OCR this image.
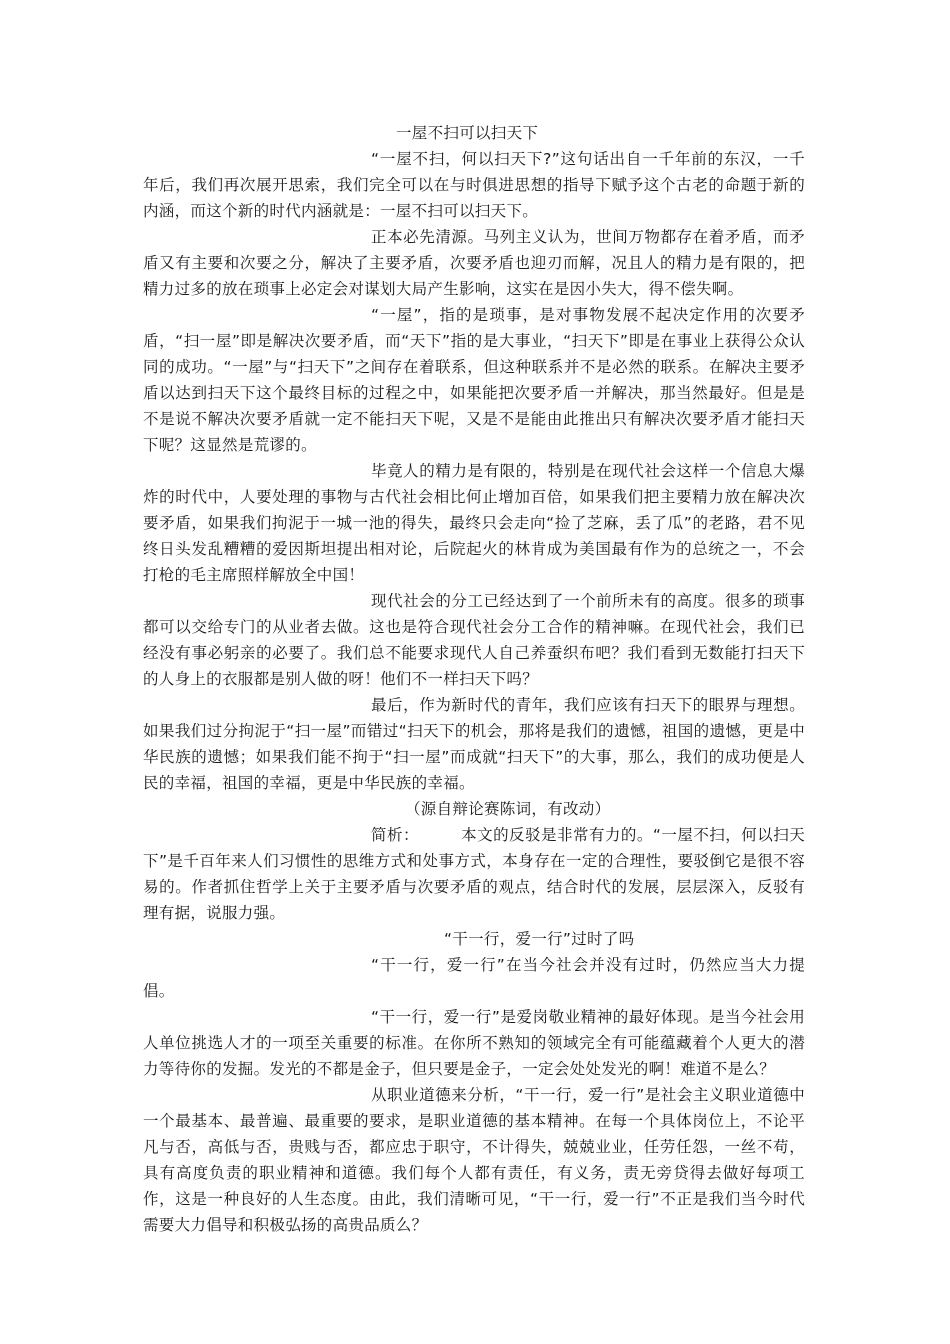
一屋不扫可以扫天下

“一屋不扫，何以扫天下?”这句话出自一千年前的东汉，一千年后，我们再次展开思索，我们完全可以在与时俱进思想的指导下赋予这个古老的命题于新的内涵，而这个新的时代内涵就是：一屋不扫可以扫天下。

正本必先清源。马列主义认为，世间万物都存在着矛盾，而矛盾又有主要和次要之分，解决了主要矛盾，次要矛盾也迎刃而解，况且人的精力是有限的，把精力过多的放在琐事上必定会对谋划大局产生影响，这实在是因小失大，得不偿失啊。

“一屋”，指的是琐事，是对事物发展不起决定作用的次要矛盾，“扫一屋”即是解决次要矛盾，而“天下”指的是大事业，“扫天下”即是在事业上获得公众认同的成功。“一屋”与“扫天下”之间存在着联系，但这种联系并不是必然的联系。在解决主要矛盾以达到扫天下这个最终目标的过程之中，如果能把次要矛盾一并解决，那当然最好。但是是不是说不解决次要矛盾就一定不能扫天下呢，又是不是能由此推出只有解决次要矛盾才能扫天下呢？这显然是荒谬的。

毕竟人的精力是有限的，特别是在现代社会这样一个信息大爆炸的时代中，人要处理的事物与古代社会相比何止增加百倍，如果我们把主要精力放在解决次要矛盾，如果我们拘泥于一城一池的得失，最终只会走向“捡了芝麻，丢了瓜”的老路，君不见终日头发乱糟糟的爱因斯坦提出相对论，后院起火的林肯成为美国最有作为的总统之一，不会打枪的毛主席照样解放全中国！

现代社会的分工已经达到了一个前所未有的高度。很多的琐事都可以交给专门的从业者去做。这也是符合现代社会分工合作的精神嘛。在现代社会，我们已经没有事必躬亲的必要了。我们总不能要求现代人自己养蚕织布吧？我们看到无数能打扫天下的人身上的衣服都是别人做的呀！他们不一样扫天下吗？

最后，作为新时代的青年，我们应该有扫天下的眼界与理想。如果我们过分拘泥于“扫一屋”而错过“扫天下的机会，那将是我们的遗憾，祖国的遗憾，更是中华民族的遗憾；如果我们能不拘于“扫一屋”而成就“扫天下”的大事，那么，我们的成功便是人民的幸福，祖国的幸福，更是中华民族的幸福。

（源自辩论赛陈词，有改动）

简析：	本文的反驳是非常有力的。“一屋不扫，何以扫天下”是千百年来人们习惯性的思维方式和处事方式，本身存在一定的合理性，要驳倒它是很不容易的。作者抓住哲学上关于主要矛盾与次要矛盾的观点，结合时代的发展，层层深入，反驳有理有据，说服力强。

“干一行，爱一行”过时了吗

“干一行，爱一行”在当今社会并没有过时，仍然应当大力提倡。

“干一行，爱一行”是爱岗敬业精神的最好体现。是当今社会用人单位挑选人才的一项至关重要的标准。在你所不熟知的领域完全有可能蕴藏着个人更大的潜力等待你的发掘。发光的不都是金子，但只要是金子，一定会处处发光的啊！难道不是么？

从职业道德来分析，“干一行，爱一行”是社会主义职业道德中一个最基本、最普遍、最重要的要求，是职业道德的基本精神。在每一个具体岗位上，不论平凡与否，高低与否，贵贱与否，都应忠于职守，不计得失，兢兢业业，任劳任怨，一丝不苟，具有高度负责的职业精神和道德。我们每个人都有责任，有义务，责无旁贷得去做好每项工作，这是一种良好的人生态度。由此，我们清晰可见，“干一行，爱一行”不正是我们当今时代需要大力倡导和积极弘扬的高贵品质么？
